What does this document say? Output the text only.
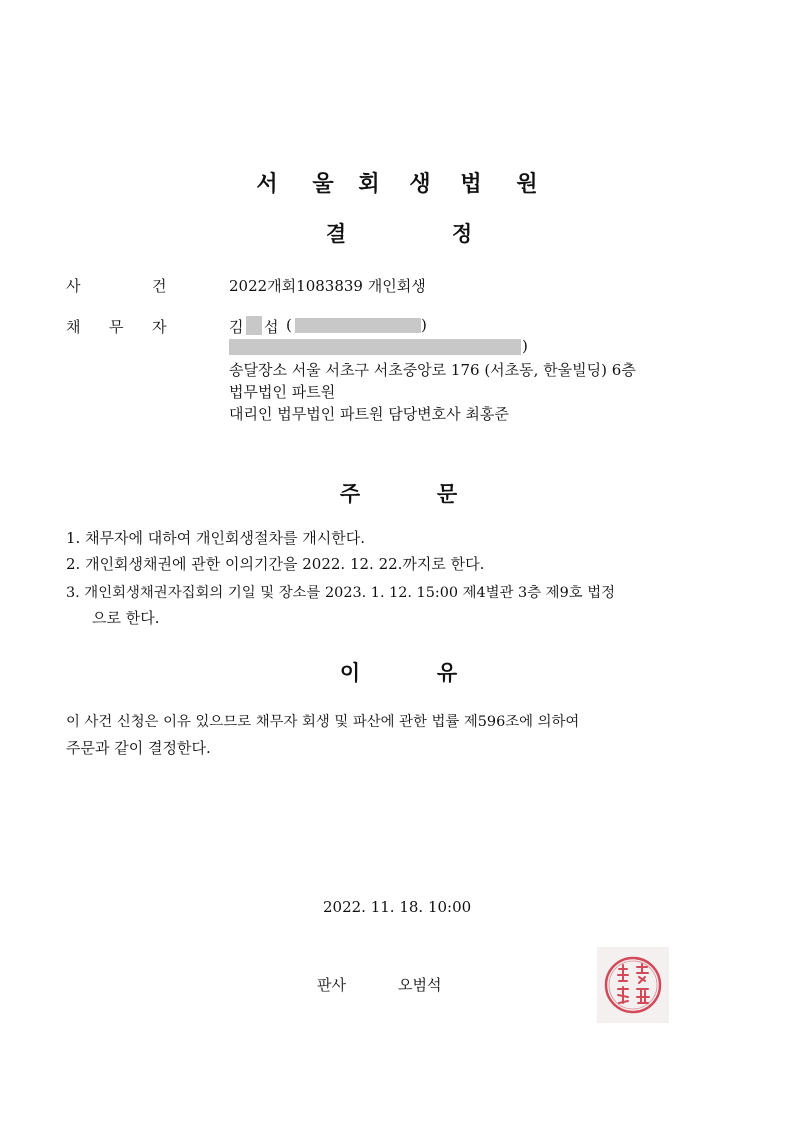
서 울 회 생 법 원
결	정
사	건	2022개회1083839 개인회생
채 무 자	김 섭 (	)
)
송달장소 서울 서초구 서초중앙로 176 (서초동, 한울빌딩) 6층
법무법인 파트원
대리인 법무법인 파트원 담당변호사 최홍준
주	문
1. 채무자에 대하여 개인회생절차를 개시한다.
2. 개인회생채권에 관한 이의기간을 2022. 12. 22.까지로 한다.
3. 개인회생채권자집회의 기일 및 장소를 2023. 1. 12. 15:00 제4별관 3층 제9호 법정
으로 한다.
이	유
이 사건 신청은 이유 있으므로 채무자 회생 및 파산에 관한 법률 제596조에 의하여
주문과 같이 결정한다.
2022. 11. 18. 10:00
판사	오범석
